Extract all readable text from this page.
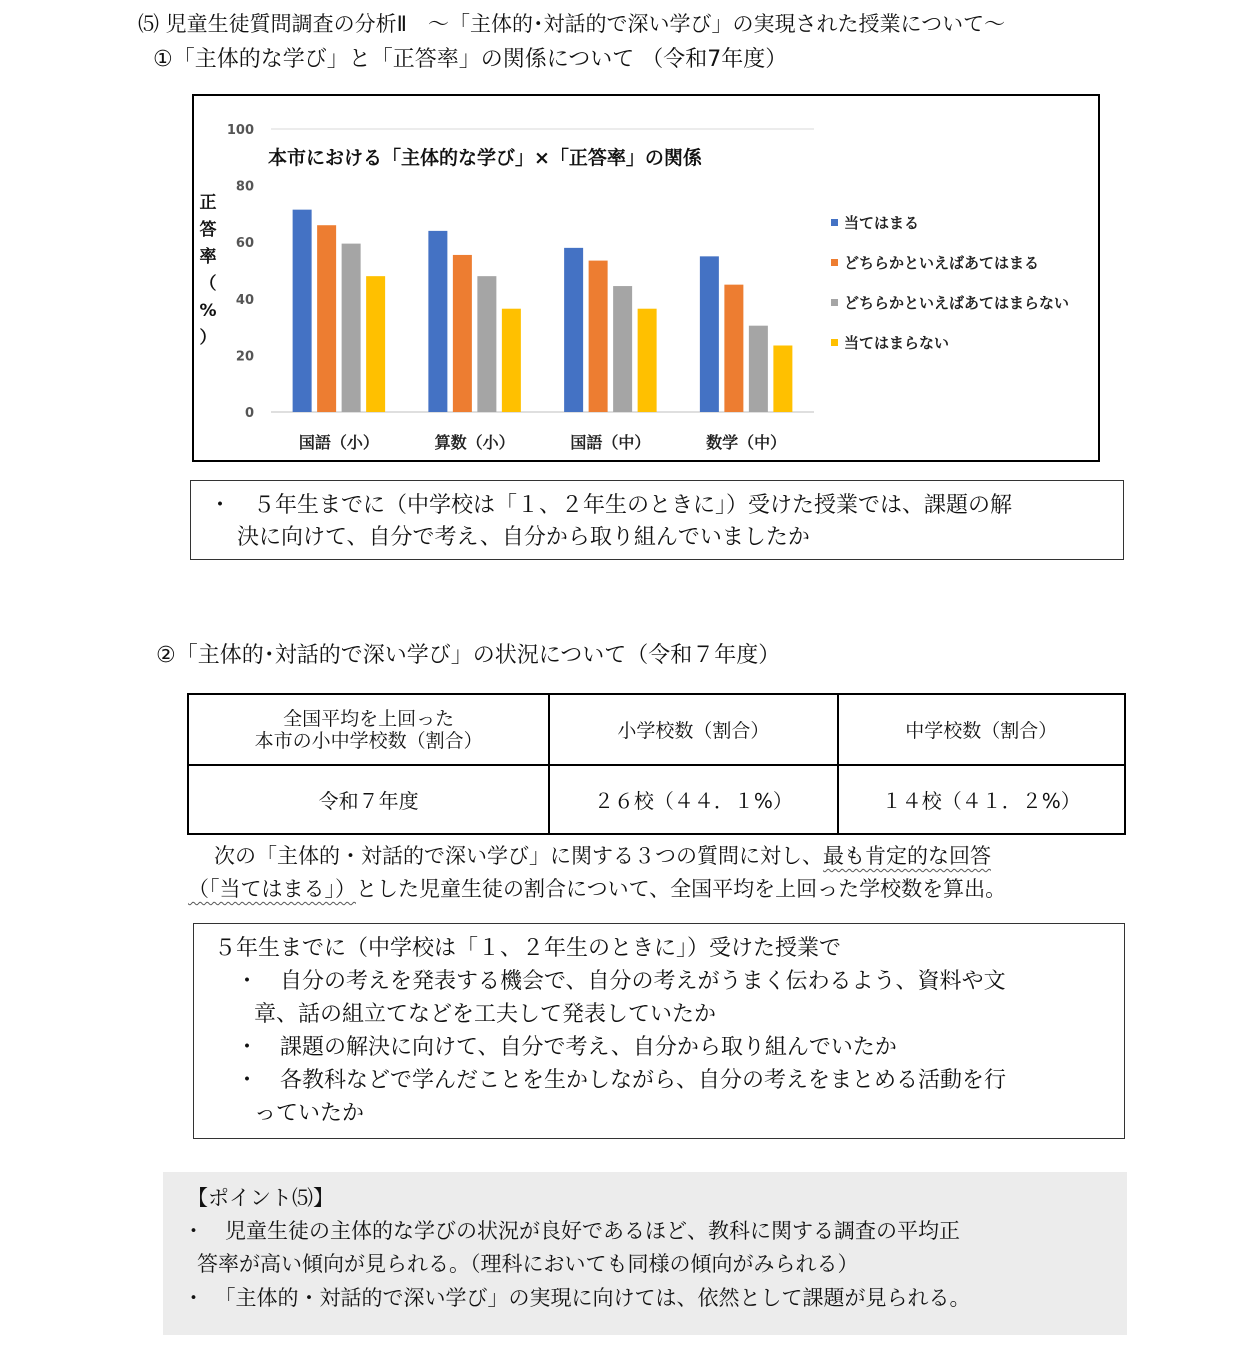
⑸ 児童生徒質問調査の分析Ⅱ　～「主体的･対話的で深い学び」の実現された授業について～
①「主体的な学び」と「正答率」の関係について （令和7年度）
0
20
40
60
80
100
正
答
率
（
%
）
本市における「主体的な学び」×「正答率」の関係
国語（小）	算数（小）	国語（中）	数学（中）
当てはまる
どちらかといえばあてはまる
どちらかといえばあてはまらない
当てはまらない
・　５年生までに（中学校は「１、２年生のときに」）受けた授業では、課題の解
決に向けて、自分で考え、自分から取り組んでいましたか
②「主体的･対話的で深い学び」の状況について（令和７年度）
全国平均を上回った
本市の小中学校数（割合）	小学校数（割合）	中学校数（割合）
令和７年度	２６校（４４．１%）	１４校（４１．２%）
次の「主体的・対話的で深い学び」に関する３つの質問に対し、最も肯定的な回答
（「当てはまる」）とした児童生徒の割合について、全国平均を上回った学校数を算出。
５年生までに（中学校は「１、２年生のときに」）受けた授業で
・　自分の考えを発表する機会で、自分の考えがうまく伝わるよう、資料や文
章、話の組立てなどを工夫して発表していたか
・　課題の解決に向けて、自分で考え、自分から取り組んでいたか
・　各教科などで学んだことを生かしながら、自分の考えをまとめる活動を行
っていたか
【ポイント⑸】
・　児童生徒の主体的な学びの状況が良好であるほど、教科に関する調査の平均正
答率が高い傾向が見られる。（理科においても同様の傾向がみられる）
・　「主体的・対話的で深い学び」の実現に向けては、依然として課題が見られる。
